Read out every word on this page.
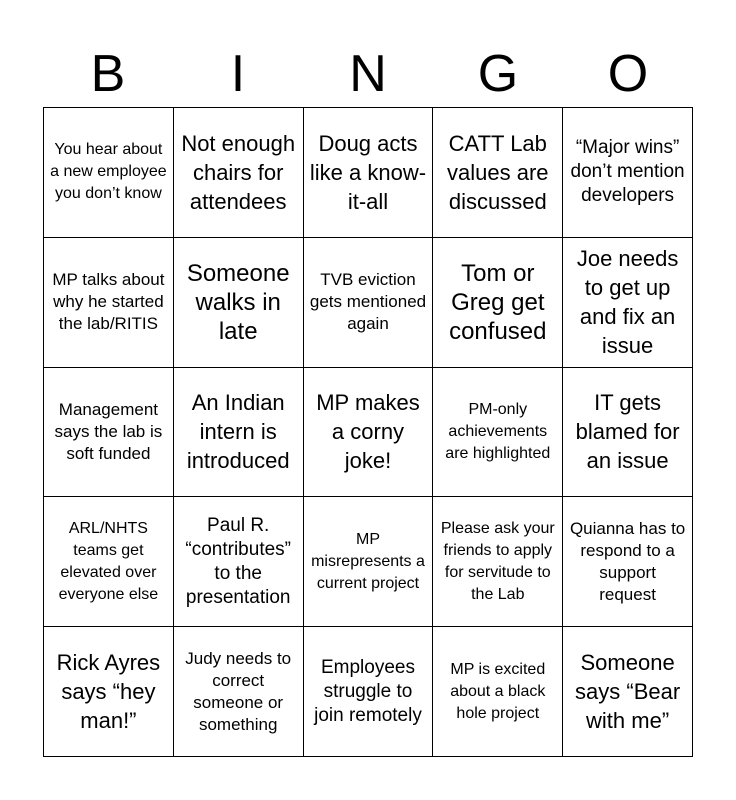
B	I	N	G	O
You hear about a new employee you don’t know
Not enough chairs for attendees
Doug acts like a know-it-all
CATT Lab values are discussed
“Major wins” don’t mention developers
MP talks about why he started the lab/RITIS
Someone walks in late
TVB eviction gets mentioned again
Tom or Greg get confused
Joe needs to get up and fix an issue
Management says the lab is soft funded
An Indian intern is introduced
MP makes a corny joke!
PM-only achievements are highlighted
IT gets blamed for an issue
ARL/NHTS teams get elevated over everyone else
Paul R. “contributes” to the presentation
MP misrepresents a current project
Please ask your friends to apply for servitude to the Lab
Quianna has to respond to a support request
Rick Ayres says “hey man!”
Judy needs to correct someone or something
Employees struggle to join remotely
MP is excited about a black hole project
Someone says “Bear with me”
